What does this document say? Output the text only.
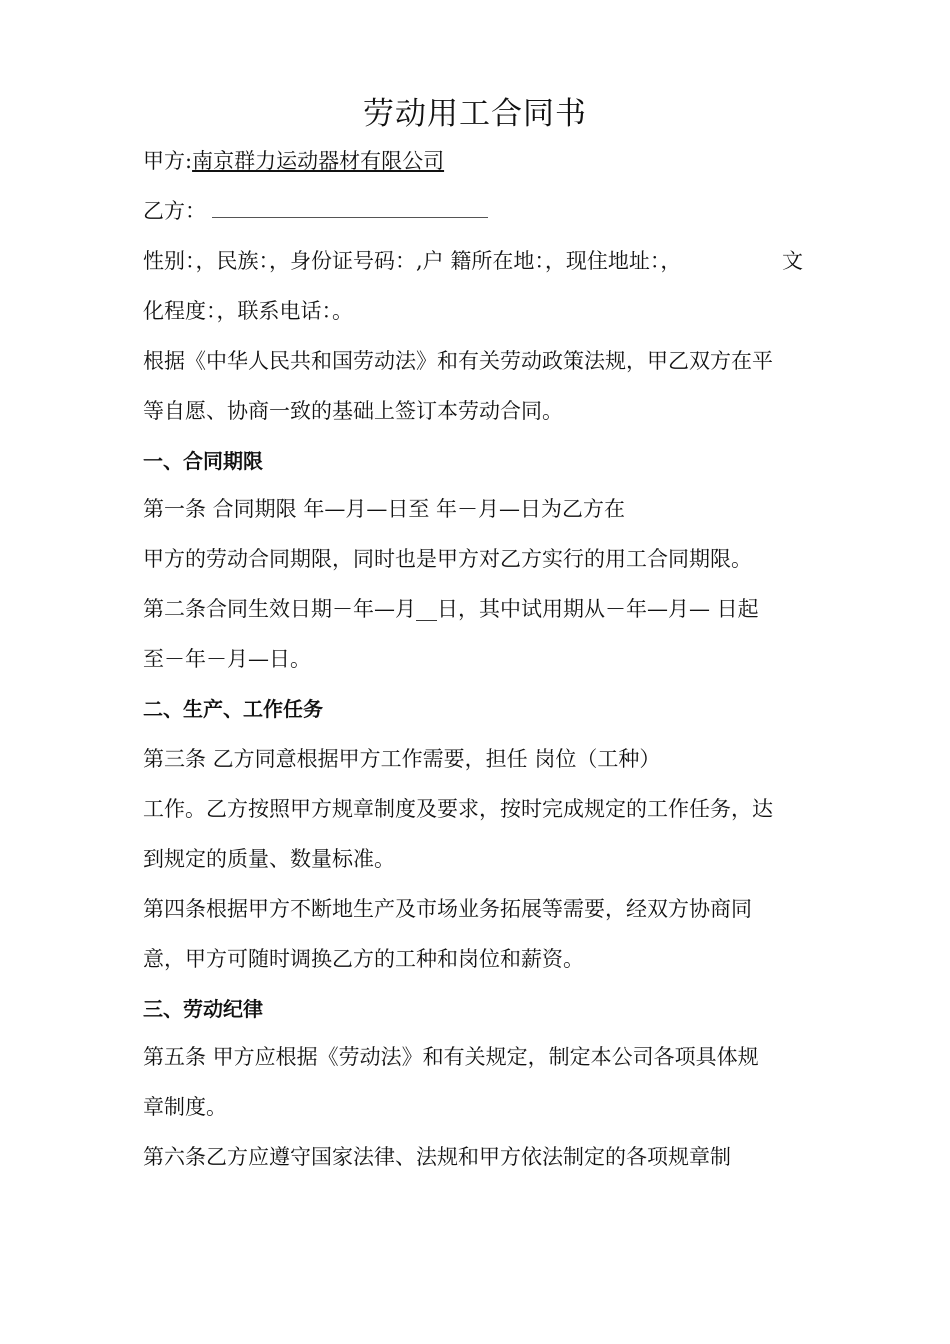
劳动用工合同书

甲方:南京群力运动器材有限公司

乙方：

性别：，民族：，身份证号码：,户 籍所在地：，现住地址：，	文

化程度：，联系电话：。

根据《中华人民共和国劳动法》和有关劳动政策法规，甲乙双方在平

等自愿、协商一致的基础上签订本劳动合同。

一、合同期限

第一条 合同期限 年—月—日至 年－月—日为乙方在

甲方的劳动合同期限，同时也是甲方对乙方实行的用工合同期限。

第二条合同生效日期－年—月__日，其中试用期从－年—月— 日起

至－年－月—日。

二、生产、工作任务

第三条 乙方同意根据甲方工作需要，担任 岗位（工种）

工作。乙方按照甲方规章制度及要求，按时完成规定的工作任务，达

到规定的质量、数量标准。

第四条根据甲方不断地生产及市场业务拓展等需要，经双方协商同

意，甲方可随时调换乙方的工种和岗位和薪资。

三、劳动纪律

第五条 甲方应根据《劳动法》和有关规定，制定本公司各项具体规

章制度。

第六条乙方应遵守国家法律、法规和甲方依法制定的各项规章制
